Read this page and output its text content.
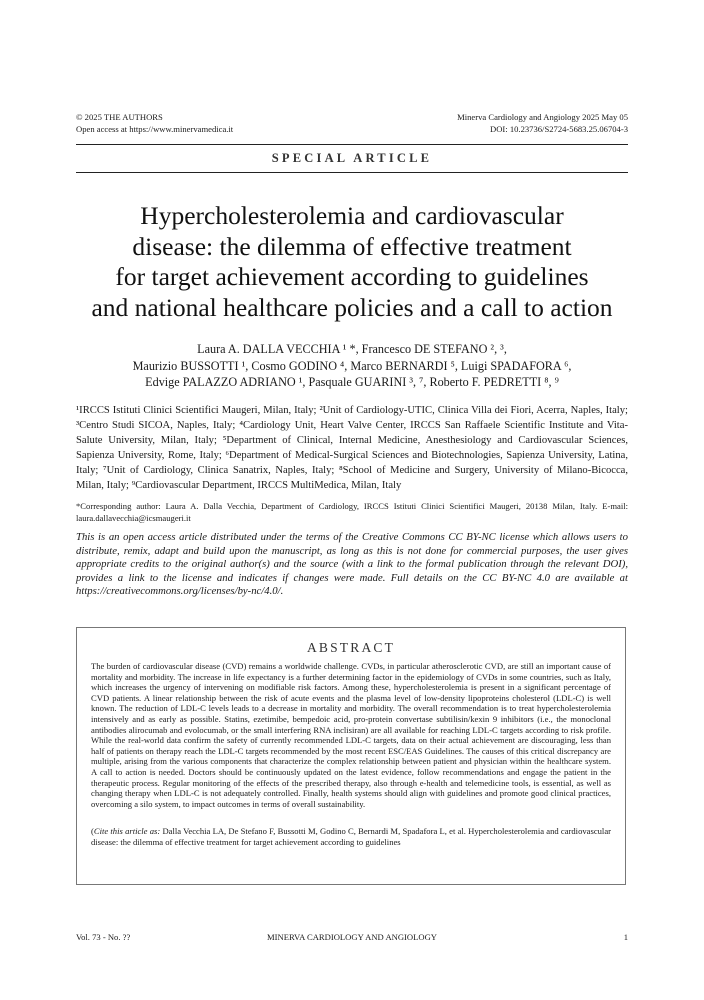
© 2025 THE AUTHORS
Open access at https://www.minervamedica.it
Minerva Cardiology and Angiology 2025 May 05
DOI: 10.23736/S2724-5683.25.06704-3
SPECIAL ARTICLE
Hypercholesterolemia and cardiovascular
disease: the dilemma of effective treatment
for target achievement according to guidelines
and national healthcare policies and a call to action
Laura A. DALLA VECCHIA ¹ *, Francesco DE STEFANO ², ³,
Maurizio BUSSOTTI ¹, Cosmo GODINO ⁴, Marco BERNARDI ⁵, Luigi SPADAFORA ⁶,
Edvige PALAZZO ADRIANO ¹, Pasquale GUARINI ³, ⁷, Roberto F. PEDRETTI ⁸, ⁹

¹IRCCS Istituti Clinici Scientifici Maugeri, Milan, Italy; ²Unit of Cardiology-UTIC, Clinica Villa dei Fiori, Acerra, Naples, Italy; ³Centro Studi SICOA, Naples, Italy; ⁴Cardiology Unit, Heart Valve Center, IRCCS San Raffaele Scientific Institute and Vita-Salute University, Milan, Italy; ⁵Department of Clinical, Internal Medicine, Anesthesiology and Cardiovascular Sciences, Sapienza University, Rome, Italy; ⁶Department of Medical-Surgical Sciences and Biotechnologies, Sapienza University, Latina, Italy; ⁷Unit of Cardiology, Clinica Sanatrix, Naples, Italy; ⁸School of Medicine and Surgery, University of Milano-Bicocca, Milan, Italy; ⁹Cardiovascular Department, IRCCS MultiMedica, Milan, Italy

*Corresponding author: Laura A. Dalla Vecchia, Department of Cardiology, IRCCS Istituti Clinici Scientifici Maugeri, 20138 Milan, Italy. E-mail: laura.dallavecchia@icsmaugeri.it

This is an open access article distributed under the terms of the Creative Commons CC BY-NC license which allows users to distribute, remix, adapt and build upon the manuscript, as long as this is not done for commercial purposes, the user gives appropriate credits to the original author(s) and the source (with a link to the formal publication through the relevant DOI), provides a link to the license and indicates if changes were made. Full details on the CC BY-NC 4.0 are available at https://creativecommons.org/licenses/by-nc/4.0/.

ABSTRACT

The burden of cardiovascular disease (CVD) remains a worldwide challenge. CVDs, in particular atherosclerotic CVD, are still an important cause of mortality and morbidity. The increase in life expectancy is a further determining factor in the epidemiology of CVDs in some countries, such as Italy, which increases the urgency of intervening on modifiable risk factors. Among these, hypercholesterolemia is present in a significant percentage of CVD patients. A linear relationship between the risk of acute events and the plasma level of low-density lipoproteins cholesterol (LDL-C) is well known. The reduction of LDL-C levels leads to a decrease in mortality and morbidity. The overall recommendation is to treat hypercholesterolemia intensively and as early as possible. Statins, ezetimibe, bempedoic acid, pro-protein convertase subtilisin/kexin 9 inhibitors (i.e., the monoclonal antibodies alirocumab and evolocumab, or the small interfering RNA inclisiran) are all available for reaching LDL-C targets according to risk profile. While the real-world data confirm the safety of currently recommended LDL-C targets, data on their actual achievement are discouraging, less than half of patients on therapy reach the LDL-C targets recommended by the most recent ESC/EAS Guidelines. The causes of this critical discrepancy are multiple, arising from the various components that characterize the complex relationship between patient and physician within the healthcare system. A call to action is needed. Doctors should be continuously updated on the latest evidence, follow recommendations and engage the patient in the therapeutic process. Regular monitoring of the effects of the prescribed therapy, also through e-health and telemedicine tools, is essential, as well as changing therapy when LDL-C is not adequately controlled. Finally, health systems should align with guidelines and promote good clinical practices, overcoming a silo system, to impact outcomes in terms of overall sustainability.

(Cite this article as: Dalla Vecchia LA, De Stefano F, Bussotti M, Godino C, Bernardi M, Spadafora L, et al. Hypercholesterolemia and cardiovascular disease: the dilemma of effective treatment for target achievement according to guidelines

Vol. 73 - No. ??	MINERVA CARDIOLOGY AND ANGIOLOGY	1
